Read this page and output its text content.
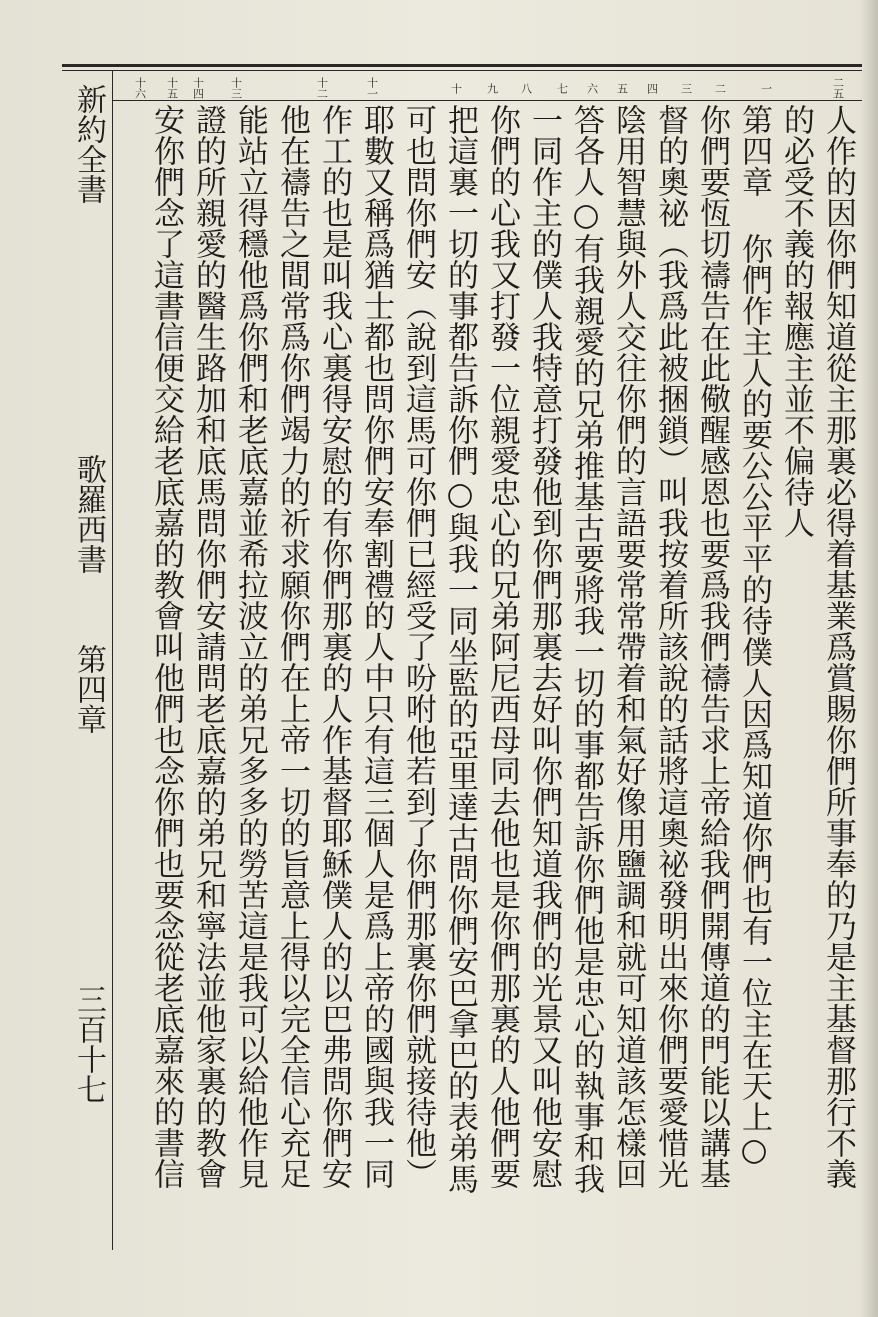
二五
一
二
三
四
五
六
七
八
九
十
十一
十二
十三
十四
十五
十六
人作的因你們知道從主那裏必得着基業爲賞賜你們所事奉的乃是主基督那行不義
的必受不義的報應主並不偏待人
第四章 你們作主人的要公公平平的待僕人因爲知道你們也有一位主在天上○
你們要恆切禱告在此儆醒感恩也要爲我們禱告求上帝給我們開傳道的門能以講基
督的奧祕（我爲此被捆鎖）叫我按着所該說的話將這奧祕發明出來你們要愛惜光
陰用智慧與外人交往你們的言語要常常帶着和氣好像用鹽調和就可知道該怎樣回
答各人○有我親愛的兄弟推基古要將我一切的事都告訴你們他是忠心的執事和我
一同作主的僕人我特意打發他到你們那裏去好叫你們知道我們的光景又叫他安慰
你們的心我又打發一位親愛忠心的兄弟阿尼西母同去他也是你們那裏的人他們要
把這裏一切的事都告訴你們○與我一同坐監的亞里達古問你們安巴拿巴的表弟馬
可也問你們安（說到這馬可你們已經受了吩咐他若到了你們那裏你們就接待他）
耶數又稱爲猶士都也問你們安奉割禮的人中只有這三個人是爲上帝的國與我一同
作工的也是叫我心裏得安慰的有你們那裏的人作基督耶穌僕人的以巴弗問你們安
他在禱告之間常爲你們竭力的祈求願你們在上帝一切的旨意上得以完全信心充足
能站立得穩他爲你們和老底嘉並希拉波立的弟兄多多的勞苦這是我可以給他作見
證的所親愛的醫生路加和底馬問你們安請問老底嘉的弟兄和寧法並他家裏的教會
安你們念了這書信便交給老底嘉的教會叫他們也念你們也要念從老底嘉來的書信
新約全書
歌羅西書
第四章
三百十七
